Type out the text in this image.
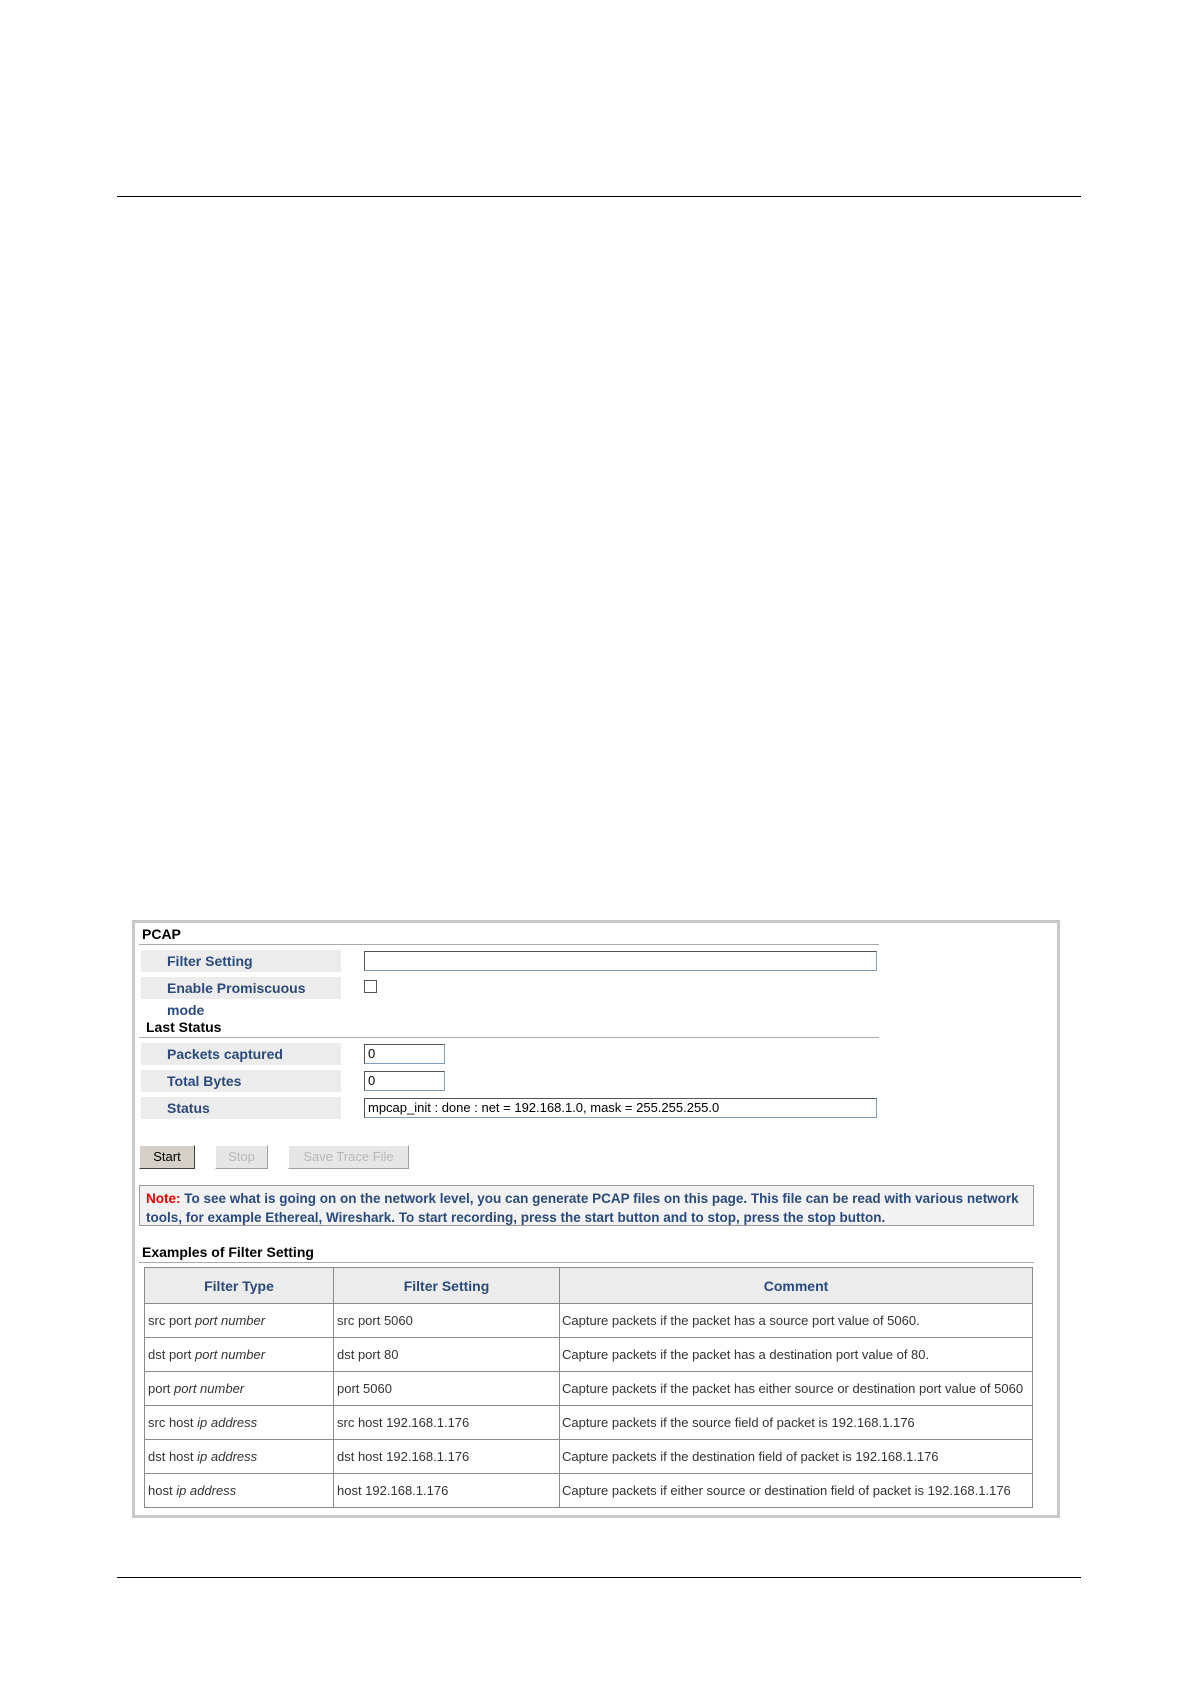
PCAP
Filter Setting
Enable Promiscuous mode
Last Status
Packets captured	0
Total Bytes	0
Status	mpcap_init : done : net = 192.168.1.0, mask = 255.255.255.0
Start	Stop	Save Trace File
Note: To see what is going on on the network level, you can generate PCAP files on this page. This file can be read with various network tools, for example Ethereal, Wireshark. To start recording, press the start button and to stop, press the stop button.
Examples of Filter Setting
Filter Type	Filter Setting	Comment
src port port number	src port 5060	Capture packets if the packet has a source port value of 5060.
dst port port number	dst port 80	Capture packets if the packet has a destination port value of 80.
port port number	port 5060	Capture packets if the packet has either source or destination port value of 5060
src host ip address	src host 192.168.1.176	Capture packets if the source field of packet is 192.168.1.176
dst host ip address	dst host 192.168.1.176	Capture packets if the destination field of packet is 192.168.1.176
host ip address	host 192.168.1.176	Capture packets if either source or destination field of packet is 192.168.1.176
